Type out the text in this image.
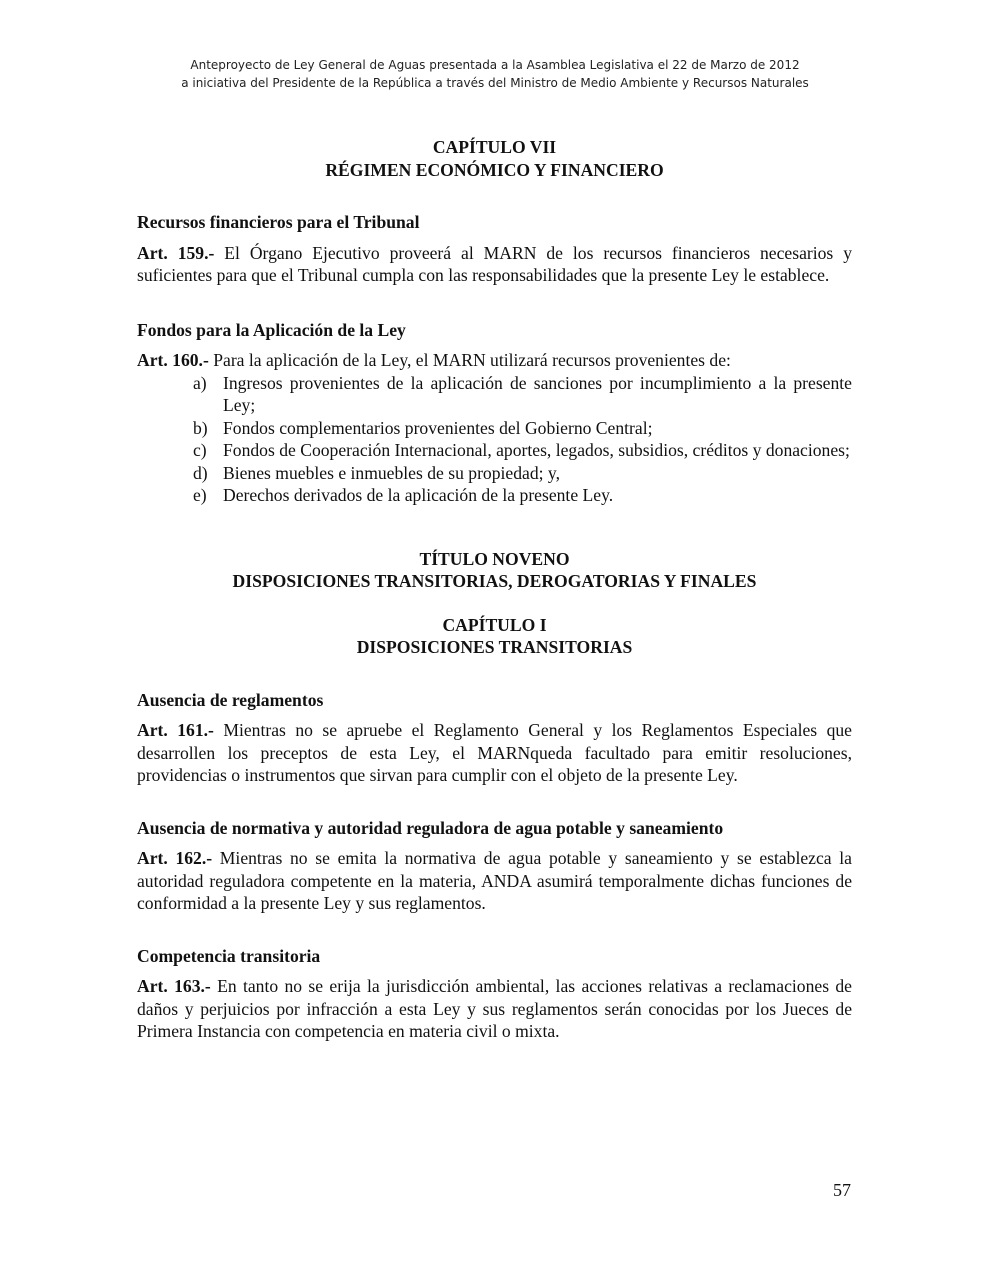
Anteproyecto de Ley General de Aguas presentada a la Asamblea Legislativa el 22 de Marzo de 2012
a iniciativa del Presidente de la República a través del Ministro de Medio Ambiente y Recursos Naturales
CAPÍTULO VII
RÉGIMEN ECONÓMICO Y FINANCIERO
Recursos financieros para el Tribunal
Art. 159.- El Órgano Ejecutivo proveerá al MARN de los recursos financieros necesarios y suficientes para que el Tribunal cumpla con las responsabilidades que la presente Ley le establece.
Fondos para la Aplicación de la Ley
Art. 160.- Para la aplicación de la Ley, el MARN utilizará recursos provenientes de:
a) Ingresos provenientes de la aplicación de sanciones por incumplimiento a la presente Ley;
b) Fondos complementarios provenientes del Gobierno Central;
c) Fondos de Cooperación Internacional, aportes, legados, subsidios, créditos y donaciones;
d) Bienes muebles e inmuebles de su propiedad; y,
e) Derechos derivados de la aplicación de la presente Ley.
TÍTULO NOVENO
DISPOSICIONES TRANSITORIAS, DEROGATORIAS Y FINALES
CAPÍTULO I
DISPOSICIONES TRANSITORIAS
Ausencia de reglamentos
Art. 161.- Mientras no se apruebe el Reglamento General y los Reglamentos Especiales que desarrollen los preceptos de esta Ley, el MARNqueda facultado para emitir resoluciones, providencias o instrumentos que sirvan para cumplir con el objeto de la presente Ley.
Ausencia de normativa y autoridad reguladora de agua potable y saneamiento
Art. 162.- Mientras no se emita la normativa de agua potable y saneamiento y se establezca la autoridad reguladora competente en la materia, ANDA asumirá temporalmente dichas funciones de conformidad a la presente Ley y sus reglamentos.
Competencia transitoria
Art. 163.- En tanto no se erija la jurisdicción ambiental, las acciones relativas a reclamaciones de daños y perjuicios por infracción a esta Ley y sus reglamentos serán conocidas por los Jueces de Primera Instancia con competencia en materia civil o mixta.
57
